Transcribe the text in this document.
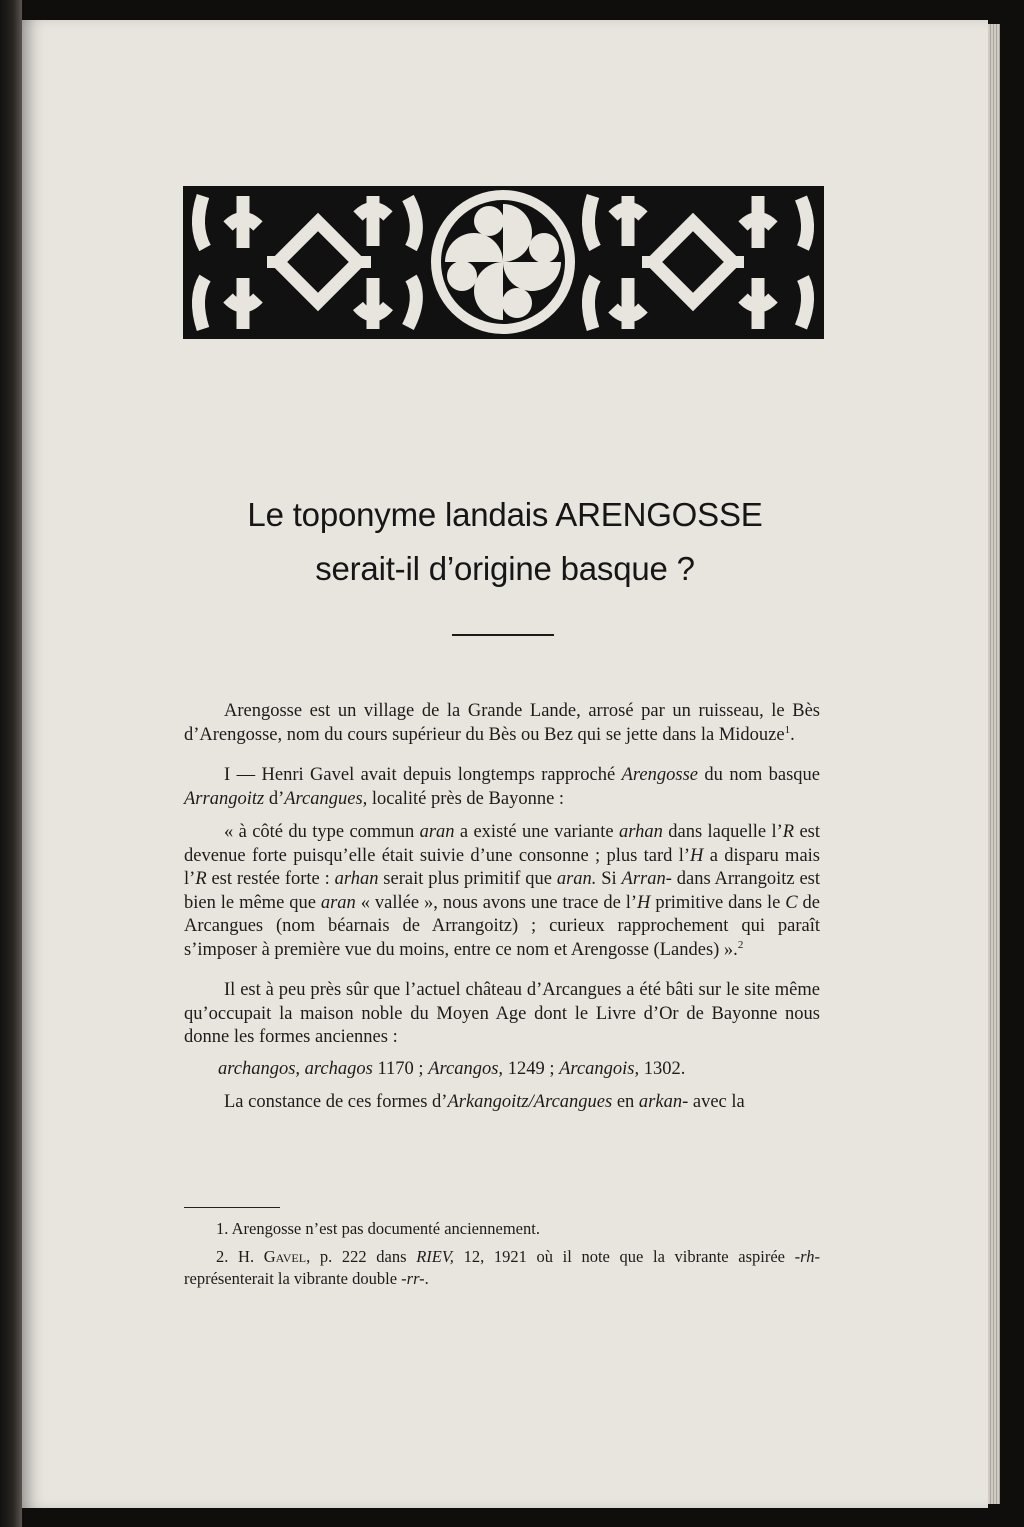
Le toponyme landais ARENGOSSE
serait-il d’origine basque ?

Arengosse est un village de la Grande Lande, arrosé par un ruisseau, le Bès d’Arengosse, nom du cours supérieur du Bès ou Bez qui se jette dans la Midouze$^1$.

I — Henri Gavel avait depuis longtemps rapproché Arengosse du nom basque Arrangoitz d’Arcangues, localité près de Bayonne :

« à côté du type commun aran a existé une variante arhan dans laquelle l’R est devenue forte puisqu’elle était suivie d’une consonne ; plus tard l’H a disparu mais l’R est restée forte : arhan serait plus primitif que aran. Si Arran- dans Arrangoitz est bien le même que aran « vallée », nous avons une trace de l’H primitive dans le C de Arcangues (nom béarnais de Arrangoitz) ; curieux rapprochement qui paraît s’imposer à première vue du moins, entre ce nom et Arengosse (Landes) ».$^2$

Il est à peu près sûr que l’actuel château d’Arcangues a été bâti sur le site même qu’occupait la maison noble du Moyen Age dont le Livre d’Or de Bayonne nous donne les formes anciennes :

archangos, archagos 1170 ; Arcangos, 1249 ; Arcangois, 1302.

La constance de ces formes d’Arkangoitz/Arcangues en arkan- avec la

1. Arengosse n’est pas documenté anciennement.

2. H. Gavel, p. 222 dans RIEV, 12, 1921 où il note que la vibrante aspirée -rh-représenterait la vibrante double -rr-.
